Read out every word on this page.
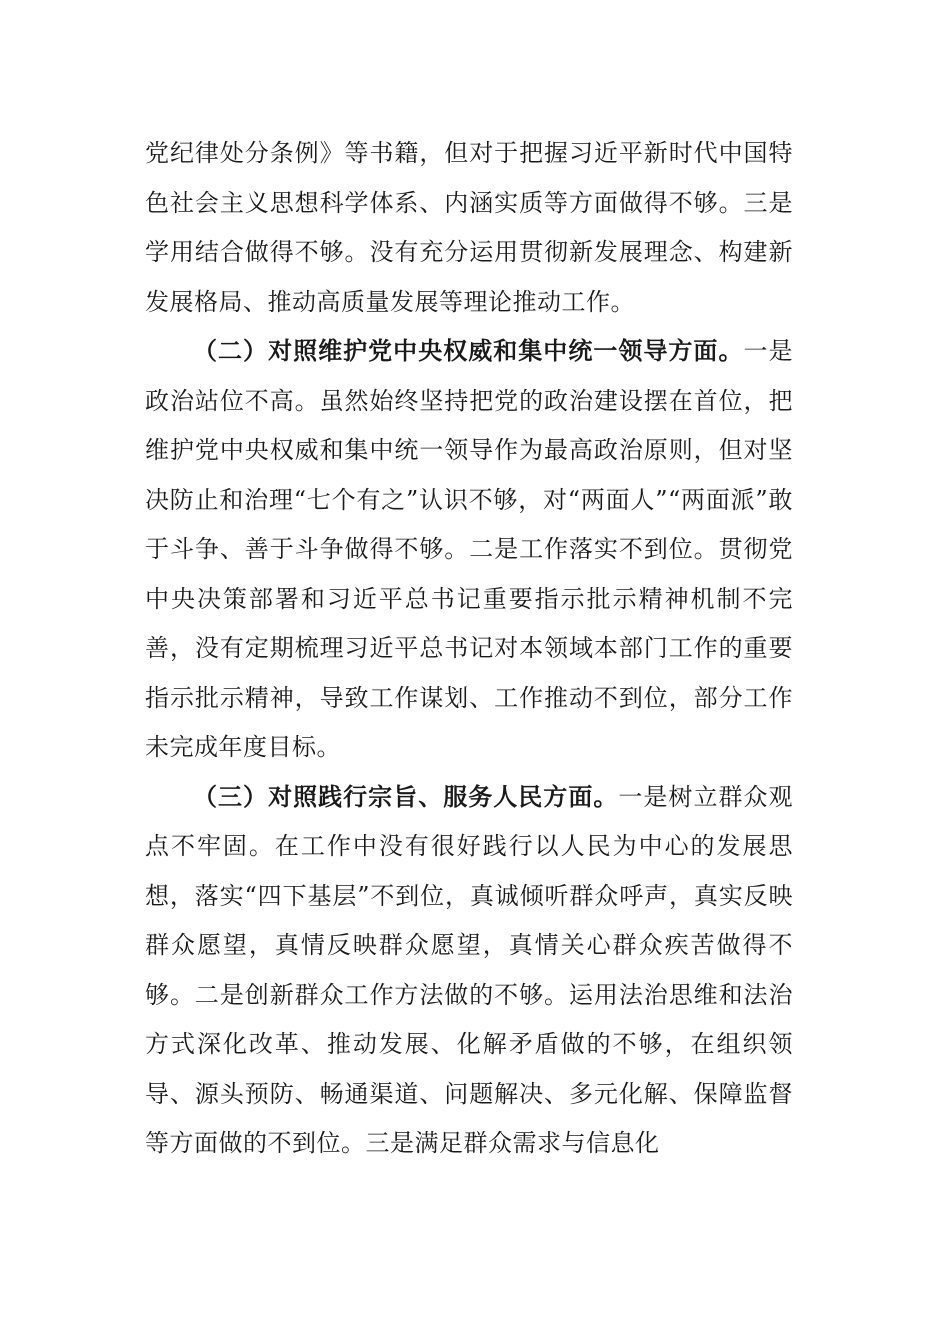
党纪律处分条例》等书籍，但对于把握习近平新时代中国特色社会主义思想科学体系、内涵实质等方面做得不够。三是学用结合做得不够。没有充分运用贯彻新发展理念、构建新发展格局、推动高质量发展等理论推动工作。

（二）对照维护党中央权威和集中统一领导方面。一是政治站位不高。虽然始终坚持把党的政治建设摆在首位，把维护党中央权威和集中统一领导作为最高政治原则，但对坚决防止和治理“七个有之”认识不够，对“两面人”“两面派”敢于斗争、善于斗争做得不够。二是工作落实不到位。贯彻党中央决策部署和习近平总书记重要指示批示精神机制不完善，没有定期梳理习近平总书记对本领域本部门工作的重要指示批示精神，导致工作谋划、工作推动不到位，部分工作未完成年度目标。

（三）对照践行宗旨、服务人民方面。一是树立群众观点不牢固。在工作中没有很好践行以人民为中心的发展思想，落实“四下基层”不到位，真诚倾听群众呼声，真实反映群众愿望，真情反映群众愿望，真情关心群众疾苦做得不够。二是创新群众工作方法做的不够。运用法治思维和法治方式深化改革、推动发展、化解矛盾做的不够，在组织领导、源头预防、畅通渠道、问题解决、多元化解、保障监督等方面做的不到位。三是满足群众需求与信息化
